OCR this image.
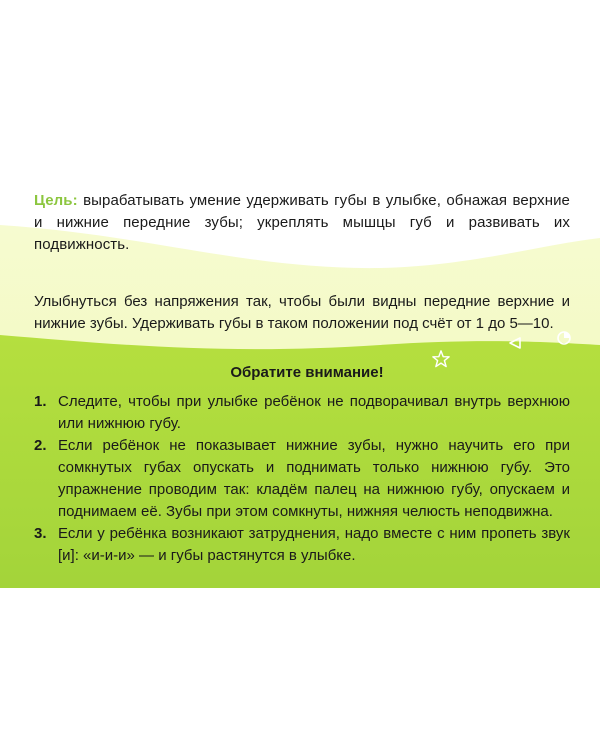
Цель: вырабатывать умение удерживать губы в улыбке, обнажая верхние и нижние передние зубы; укреплять мышцы губ и развивать их подвижность.

Улыбнуться без напряжения так, чтобы были видны передние верхние и нижние зубы. Удерживать губы в таком положении под счёт от 1 до 5—10.

Обратите внимание!
1. Следите, чтобы при улыбке ребёнок не подворачивал внутрь верхнюю или нижнюю губу.
2. Если ребёнок не показывает нижние зубы, нужно научить его при сомкнутых губах опускать и поднимать только нижнюю губу. Это упражнение проводим так: кладём палец на нижнюю губу, опускаем и поднимаем её. Зубы при этом сомкнуты, нижняя челюсть неподвижна.
3. Если у ребёнка возникают затруднения, надо вместе с ним пропеть звук [и]: «и-и-и» — и губы растянутся в улыбке.
